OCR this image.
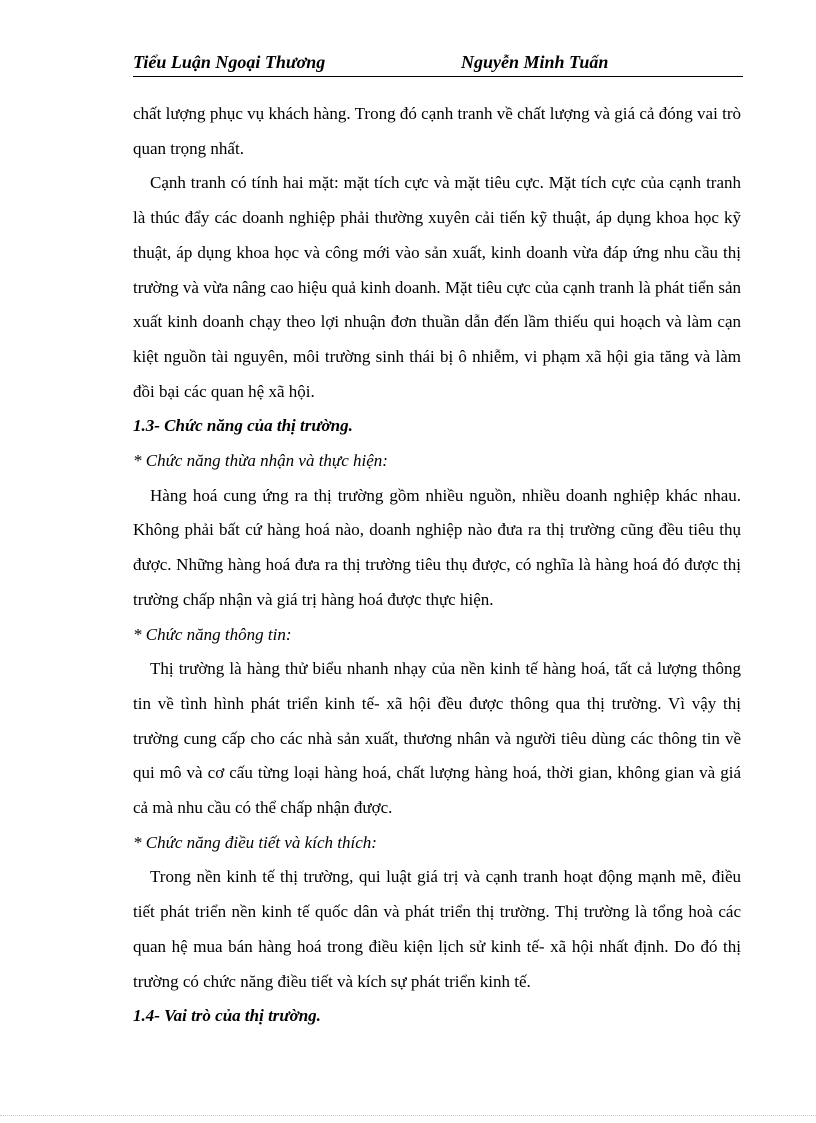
Tiểu Luận Ngoại Thương	Nguyễn Minh Tuấn

chất lượng phục vụ khách hàng. Trong đó cạnh tranh về chất lượng và giá cả đóng vai trò quan trọng nhất.

Cạnh tranh có tính hai mặt: mặt tích cực và mặt tiêu cực. Mặt tích cực của cạnh tranh là thúc đẩy các doanh nghiệp phải thường xuyên cải tiến kỹ thuật, áp dụng khoa học kỹ thuật, áp dụng khoa học và công mới vào sản xuất, kinh doanh vừa đáp ứng nhu cầu thị trường và vừa nâng cao hiệu quả kinh doanh. Mặt tiêu cực của cạnh tranh là phát tiển sản xuất kinh doanh chạy theo lợi nhuận đơn thuần dẫn đến lầm thiếu qui hoạch và làm cạn kiệt nguồn tài nguyên, môi trường sinh thái bị ô nhiễm, vi phạm xã hội gia tăng và làm đồi bại các quan hệ xã hội.

1.3- Chức năng của thị trường.

* Chức năng thừa nhận và thực hiện:

Hàng hoá cung ứng ra thị trường gồm nhiều nguồn, nhiều doanh nghiệp khác nhau. Không phải bất cứ hàng hoá nào, doanh nghiệp nào đưa ra thị trường cũng đều tiêu thụ được. Những hàng hoá đưa ra thị trường tiêu thụ được, có nghĩa là hàng hoá đó được thị trường chấp nhận và giá trị hàng hoá được thực hiện.

* Chức năng thông tin:

Thị trường là hàng thử biểu nhanh nhạy của nền kinh tế hàng hoá, tất cả lượng thông tin về tình hình phát triển kinh tế- xã hội đều được thông qua thị trường. Vì vậy thị trường cung cấp cho các nhà sản xuất, thương nhân và người tiêu dùng các thông tin về qui mô và cơ cấu từng loại hàng hoá, chất lượng hàng hoá, thời gian, không gian và giá cả mà nhu cầu có thể chấp nhận được.

* Chức năng điều tiết và kích thích:

Trong nền kinh tế thị trường, qui luật giá trị và cạnh tranh hoạt động mạnh mẽ, điều tiết phát triển nền kinh tế quốc dân và phát triển thị trường. Thị trường là tổng hoà các quan hệ mua bán hàng hoá trong điều kiện lịch sử kinh tế- xã hội nhất định. Do đó thị trường có chức năng điều tiết và kích sự phát triển kinh tế.

1.4- Vai trò của thị trường.
